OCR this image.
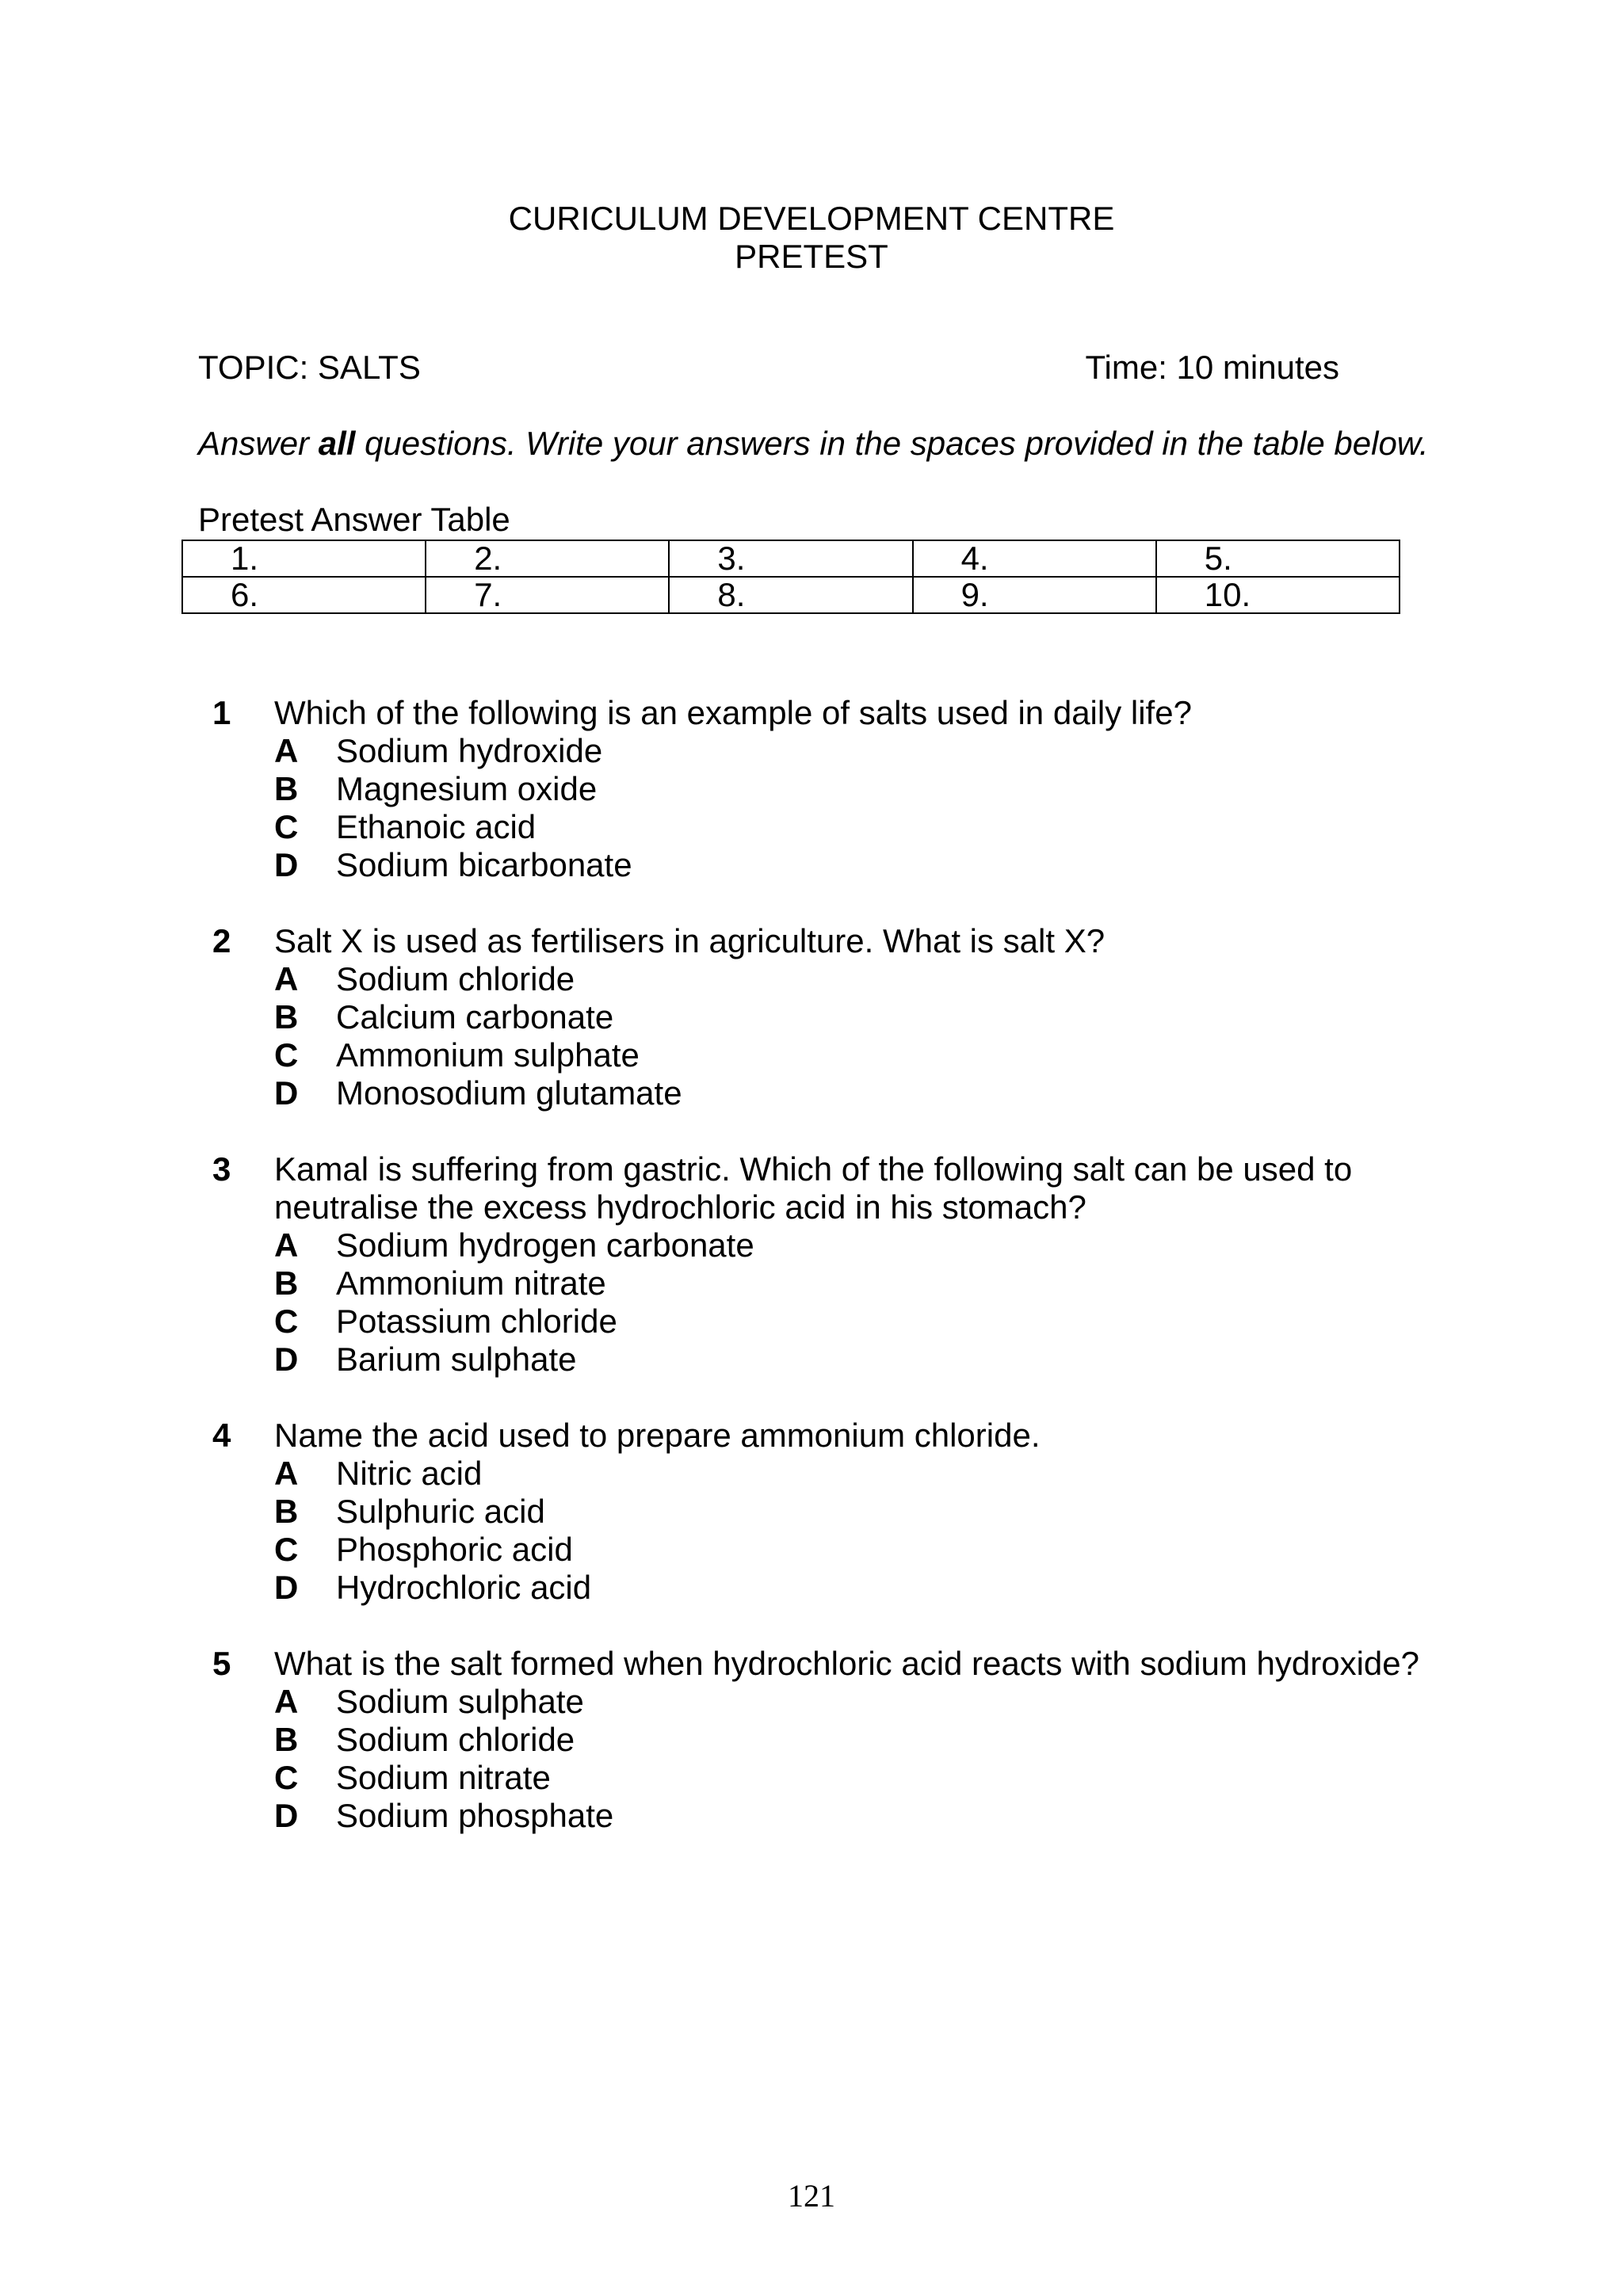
CURICULUM DEVELOPMENT CENTRE
PRETEST
TOPIC: SALTS	Time: 10 minutes
Answer all questions. Write your answers in the spaces provided in the table below.
Pretest Answer Table
1.	2.	3.	4.	5.
6.	7.	8.	9.	10.
1	Which of the following is an example of salts used in daily life?
A Sodium hydroxide
B Magnesium oxide
C Ethanoic acid
D Sodium bicarbonate
2	Salt X is used as fertilisers in agriculture. What is salt X?
A Sodium chloride
B Calcium carbonate
C Ammonium sulphate
D Monosodium glutamate
3	Kamal is suffering from gastric. Which of the following salt can be used to
neutralise the excess hydrochloric acid in his stomach?
A Sodium hydrogen carbonate
B Ammonium nitrate
C Potassium chloride
D Barium sulphate
4	Name the acid used to prepare ammonium chloride.
A Nitric acid
B Sulphuric acid
C Phosphoric acid
D Hydrochloric acid
5	What is the salt formed when hydrochloric acid reacts with sodium hydroxide?
A Sodium sulphate
B Sodium chloride
C Sodium nitrate
D Sodium phosphate
121
